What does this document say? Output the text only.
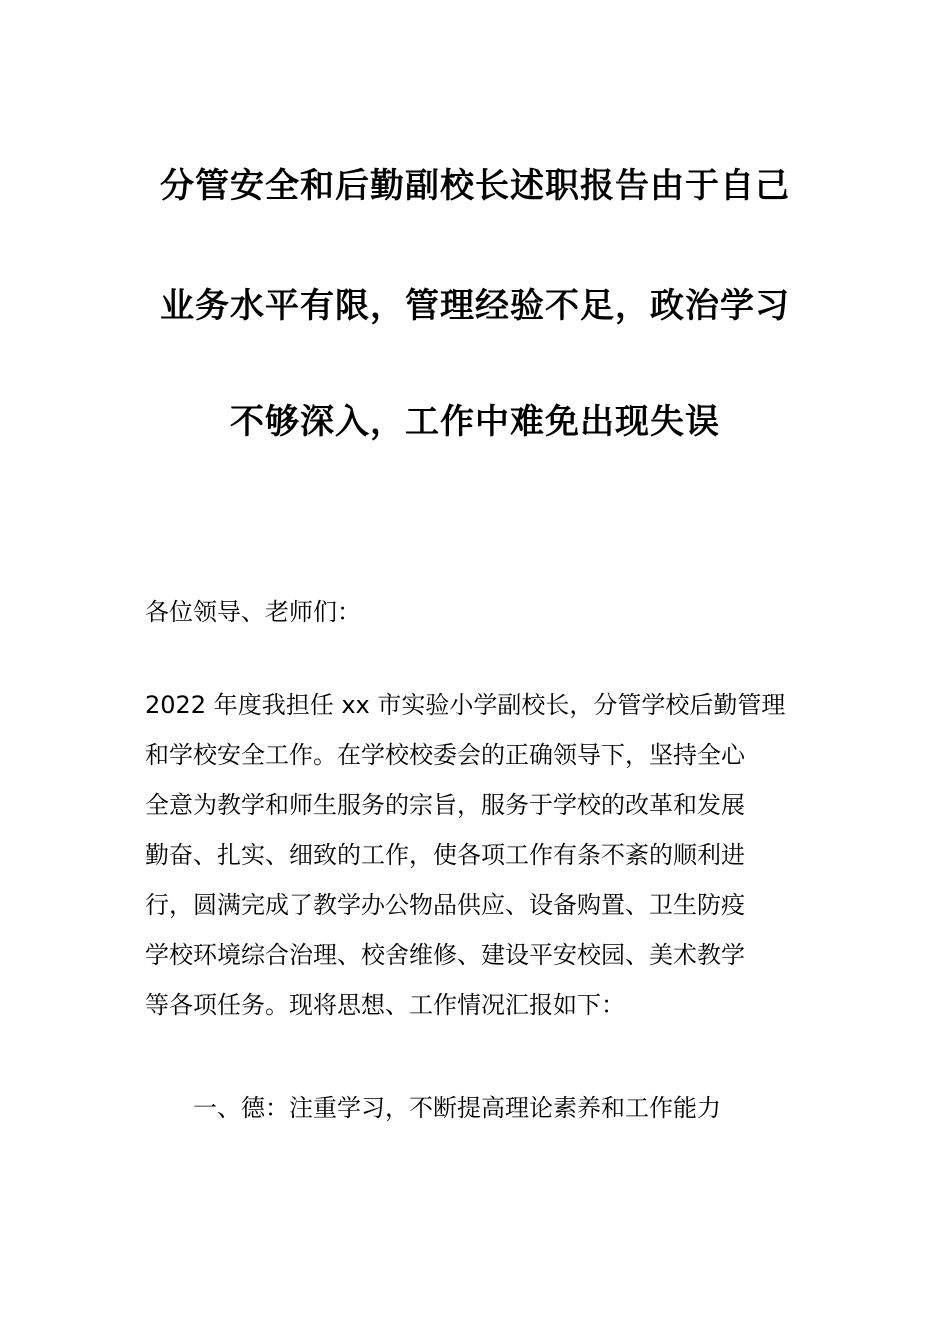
分管安全和后勤副校长述职报告由于自己
业务水平有限，管理经验不足，政治学习
不够深入，工作中难免出现失误
各位领导、老师们：
2022 年度我担任 xx 市实验小学副校长，分管学校后勤管理
和学校安全工作。在学校校委会的正确领导下，坚持全心
全意为教学和师生服务的宗旨，服务于学校的改革和发展
勤奋、扎实、细致的工作，使各项工作有条不紊的顺利进
行，圆满完成了教学办公物品供应、设备购置、卫生防疫
学校环境综合治理、校舍维修、建设平安校园、美术教学
等各项任务。现将思想、工作情况汇报如下：
一、德：注重学习，不断提高理论素养和工作能力
